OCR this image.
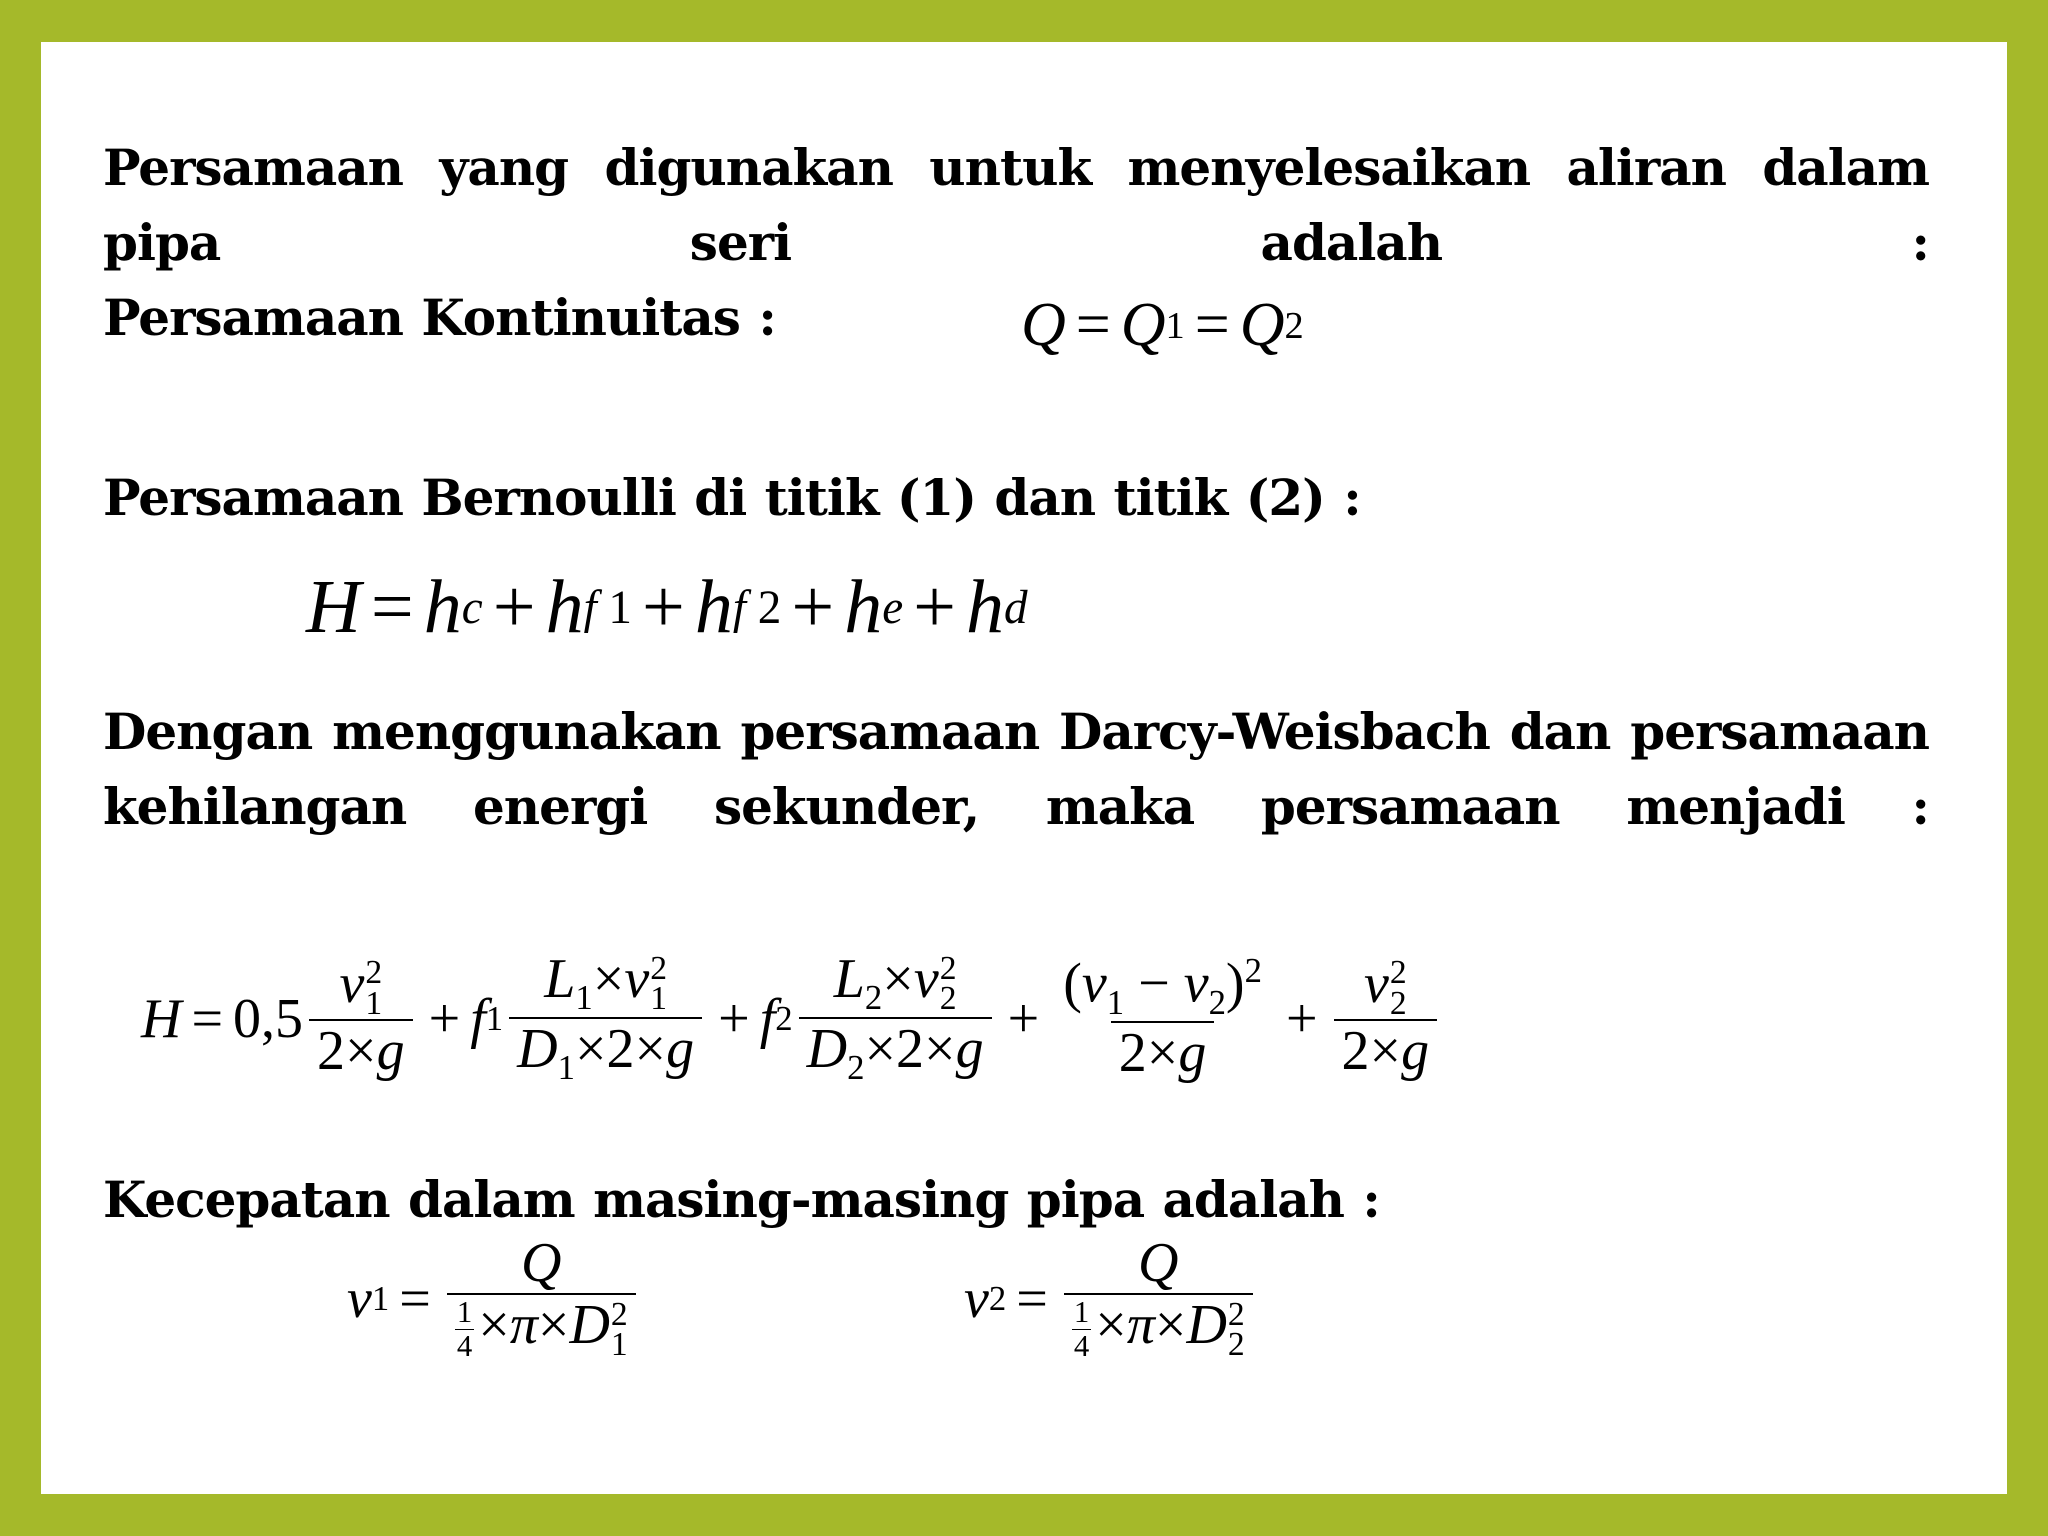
Persamaan yang digunakan untuk menyelesaikan aliran dalam pipa seri adalah :
Persamaan Kontinuitas :	Q = Q 1 = Q 2
Persamaan Bernoulli di titik (1) dan titik (2) :
H = h c + h f 1 + h f 2 + h e + h d
Dengan menggunakan persamaan Darcy-Weisbach dan persamaan kehilangan energi sekunder, maka persamaan menjadi :
H = 0,5 v 2
1
2×g + f 1 $L_1\times v$ 2
1
$D_1\times 2\times g + f$ 2 $L_2\times v$ 2
2
$D_2\times 2\times g + \frac{(v_1 - v_2)^2}{2\times g} + v$ 2
2
2×g
Kecepatan dalam masing-masing pipa adalah :
v 1 = Q
$\frac{1}{4} \times\pi\times D$ 2
1	v 2 = Q
$\frac{1}{4} \times\pi\times D$ 2
2
